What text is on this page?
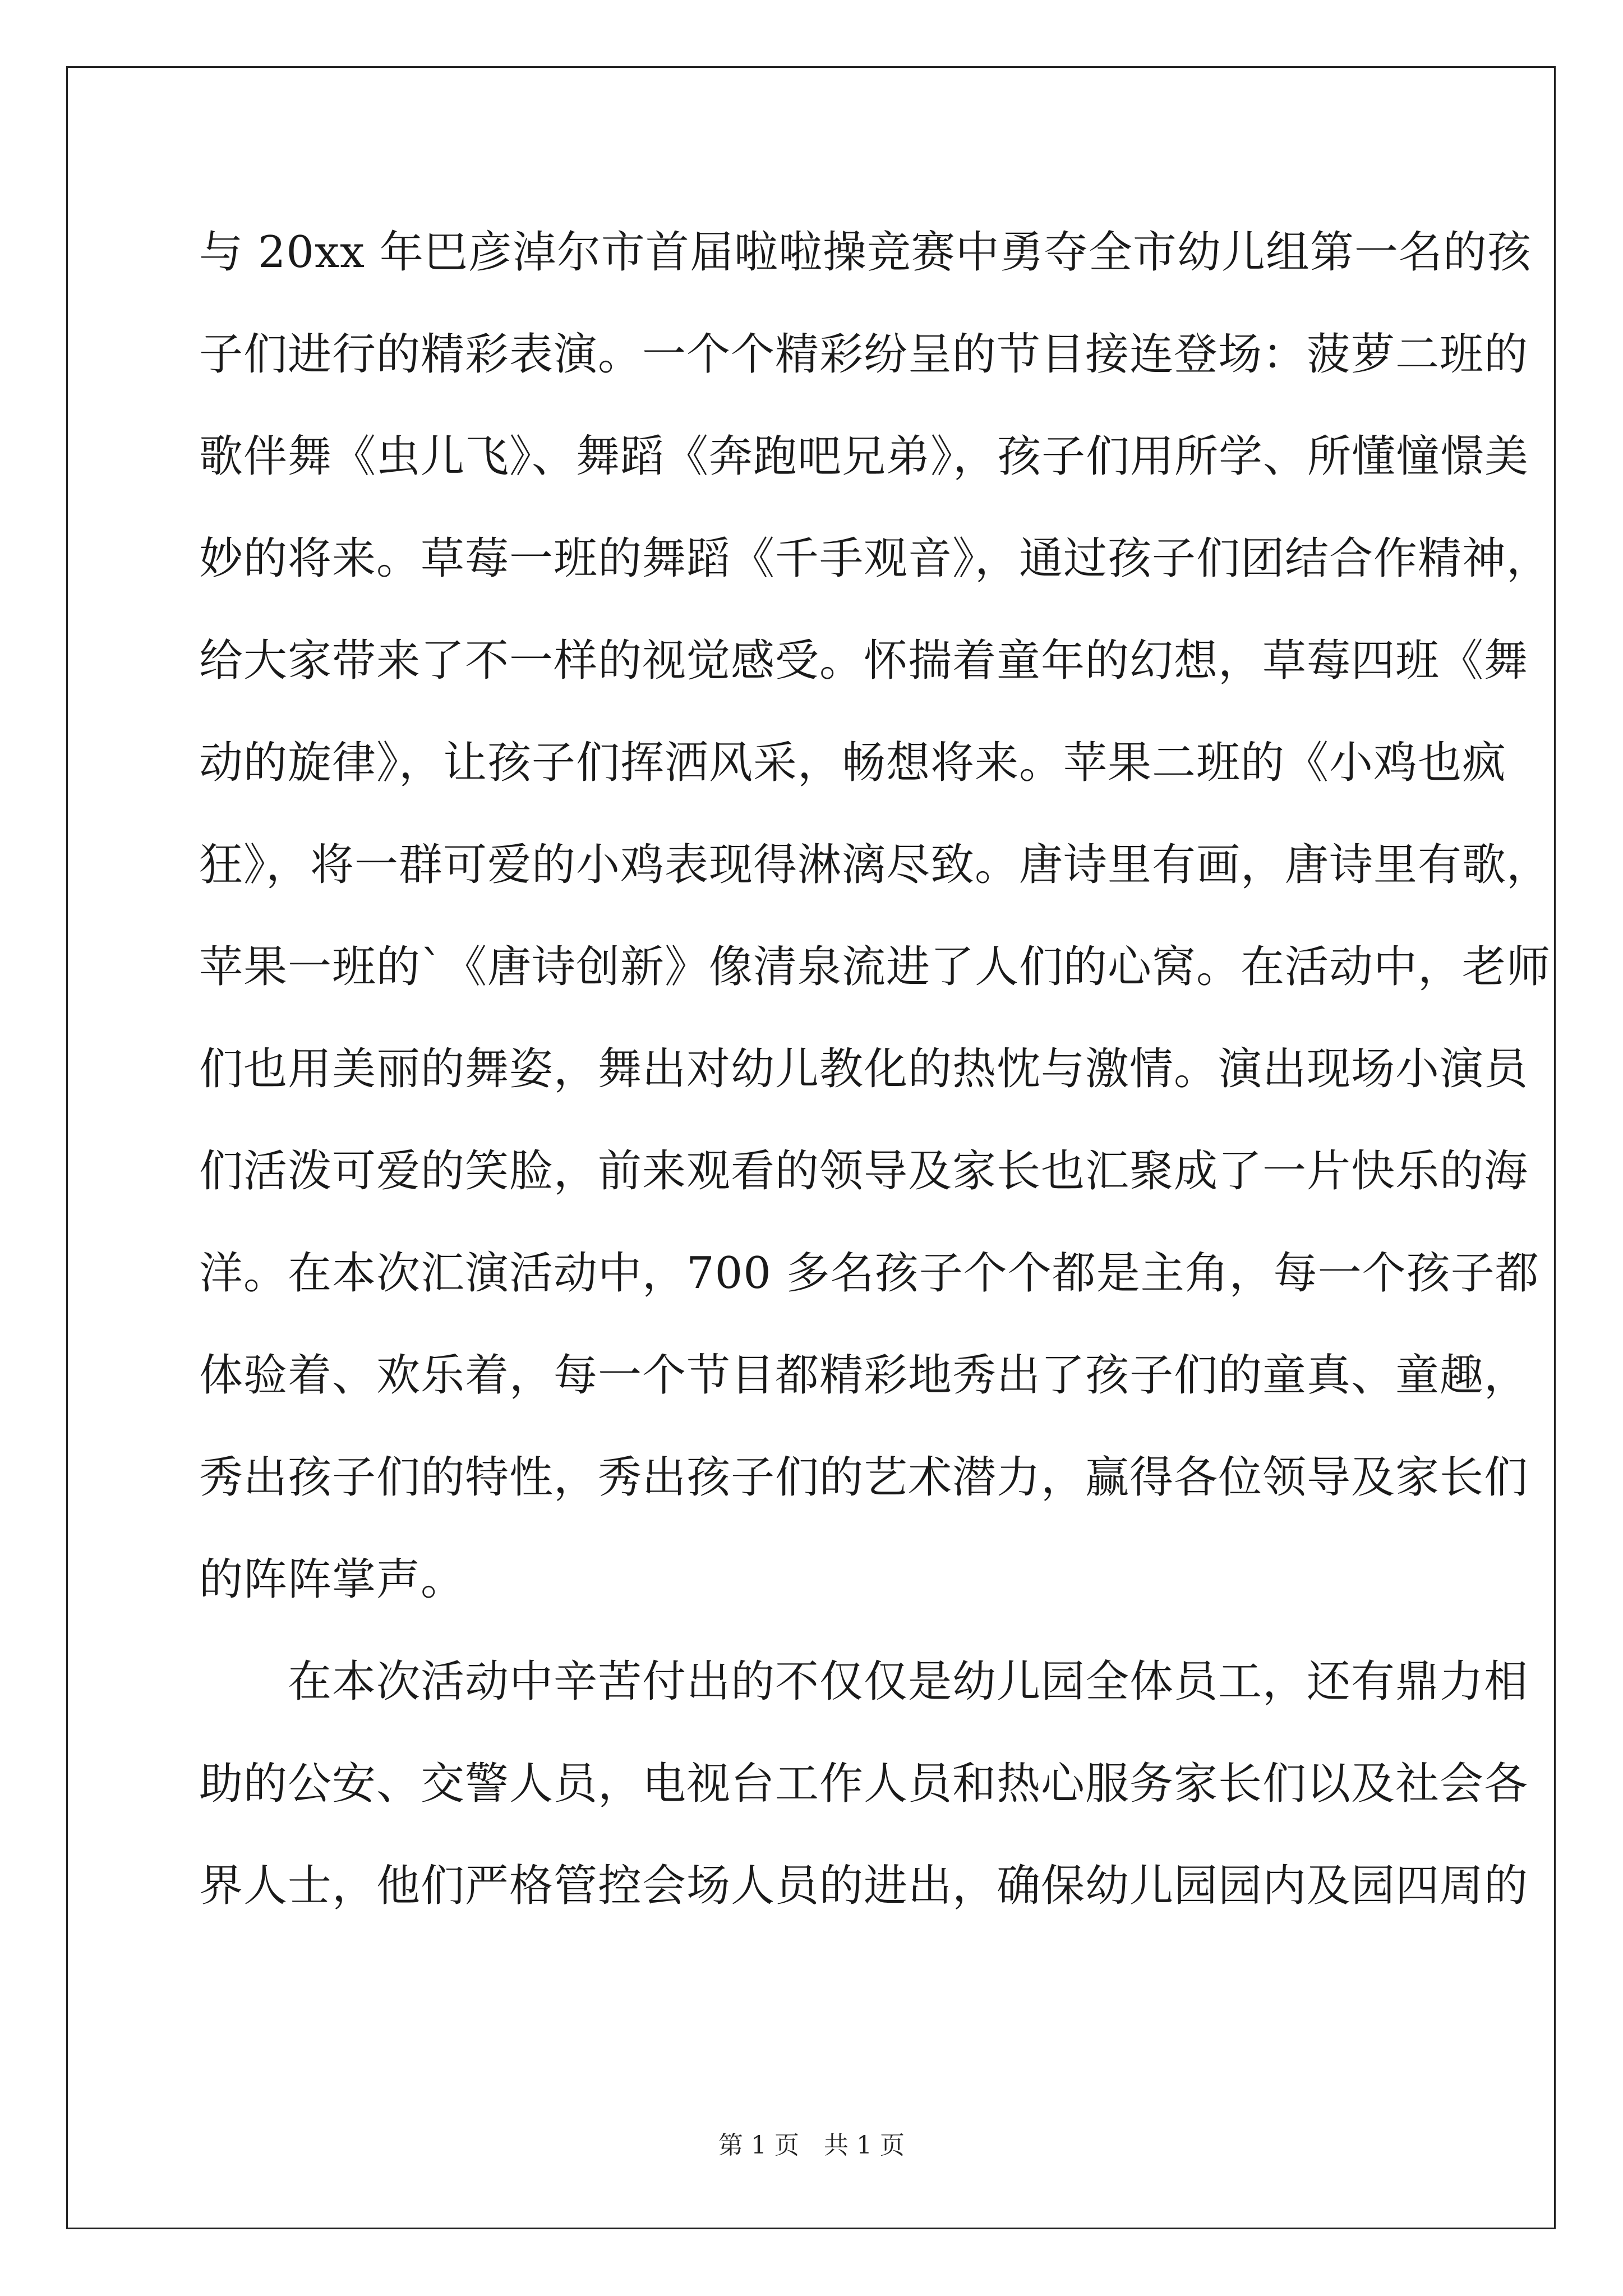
与 20xx 年巴彦淖尔市首届啦啦操竞赛中勇夺全市幼儿组第一名的孩
子们进行的精彩表演。一个个精彩纷呈的节目接连登场：菠萝二班的
歌伴舞《虫儿飞》、舞蹈《奔跑吧兄弟》，孩子们用所学、所懂憧憬美
妙的将来。草莓一班的舞蹈《千手观音》，通过孩子们团结合作精神，
给大家带来了不一样的视觉感受。怀揣着童年的幻想，草莓四班《舞
动的旋律》，让孩子们挥洒风采，畅想将来。苹果二班的《小鸡也疯
狂》，将一群可爱的小鸡表现得淋漓尽致。唐诗里有画，唐诗里有歌，
苹果一班的`《唐诗创新》像清泉流进了人们的心窝。在活动中，老师
们也用美丽的舞姿，舞出对幼儿教化的热忱与激情。演出现场小演员
们活泼可爱的笑脸，前来观看的领导及家长也汇聚成了一片快乐的海
洋。在本次汇演活动中，700 多名孩子个个都是主角，每一个孩子都
体验着、欢乐着，每一个节目都精彩地秀出了孩子们的童真、童趣，
秀出孩子们的特性，秀出孩子们的艺术潜力，赢得各位领导及家长们
的阵阵掌声。
在本次活动中辛苦付出的不仅仅是幼儿园全体员工，还有鼎力相
助的公安、交警人员，电视台工作人员和热心服务家长们以及社会各
界人士，他们严格管控会场人员的进出，确保幼儿园园内及园四周的
第 1 页　共 1 页
